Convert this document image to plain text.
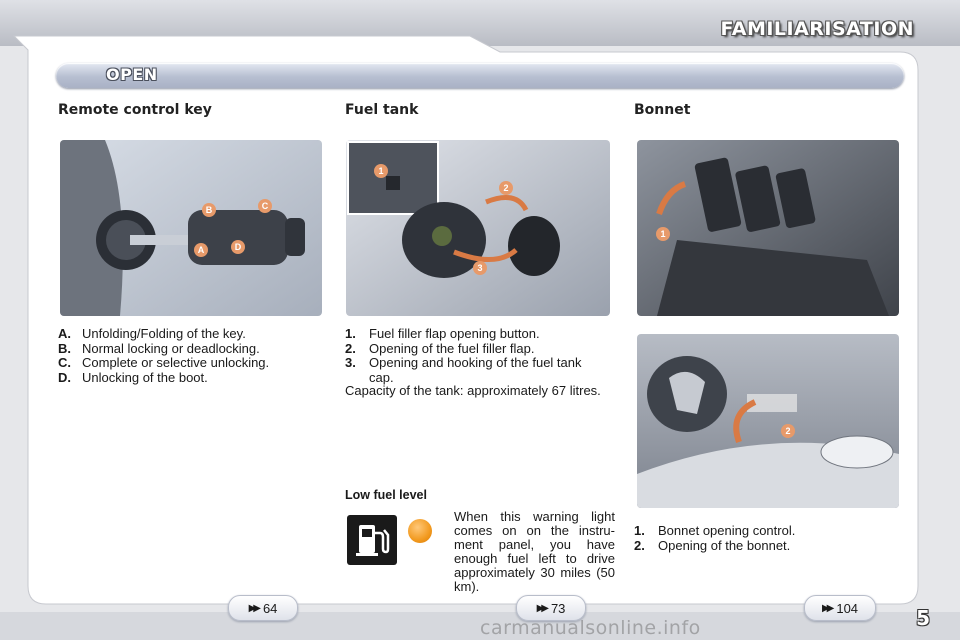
FAMILIARISATION
OPEN
Remote control key	Fuel tank	Bonnet
A
B	C
D
1
2
3
1
2
A. Unfolding/Folding of the key.
B. Normal locking or deadlocking.
C. Complete or selective unlocking.
D. Unlocking of the boot.
1.	Fuel filler flap opening button.
2.	Opening of the fuel filler flap.
3.	Opening and hooking of the fuel tank cap.

Capacity of the tank: approximately 67 litres.

Low fuel level

When this warning light comes on on the instru-ment panel, you have enough fuel left to drive approximately 30 miles (50 km).

1.	Bonnet opening control.
2.	Opening of the bonnet.
▶▶ 64	▶▶ 73	▶▶ 104
carmanualsonline.info	5
